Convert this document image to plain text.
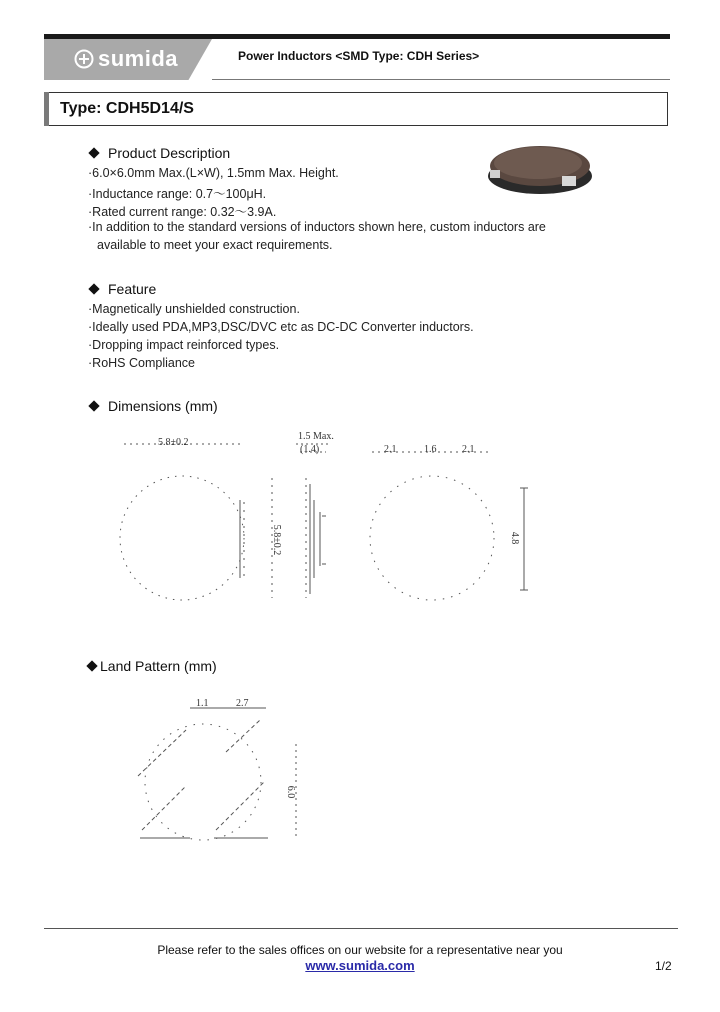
sumida	Power Inductors <SMD Type: CDH Series>
Type: CDH5D14/S
Product Description
·6.0×6.0mm Max.(L×W), 1.5mm Max. Height.
·Inductance range: 0.7～100μH.
·Rated current range: 0.32～3.9A.
·In addition to the standard versions of inductors shown here, custom inductors are
available to meet your exact requirements.
Feature
·Magnetically unshielded construction.
·Ideally used PDA,MP3,DSC/DVC etc as DC-DC Converter inductors.
·Dropping impact reinforced types.
·RoHS Compliance
Dimensions (mm)
Land Pattern (mm)
5.8±0.2
1.5 Max.
(1.4)
5.8±0.2
2.1	1.6	2.1
4.8
1.1	2.7
6.0
Please refer to the sales offices on our website for a representative near you
www.sumida.com	1/2
